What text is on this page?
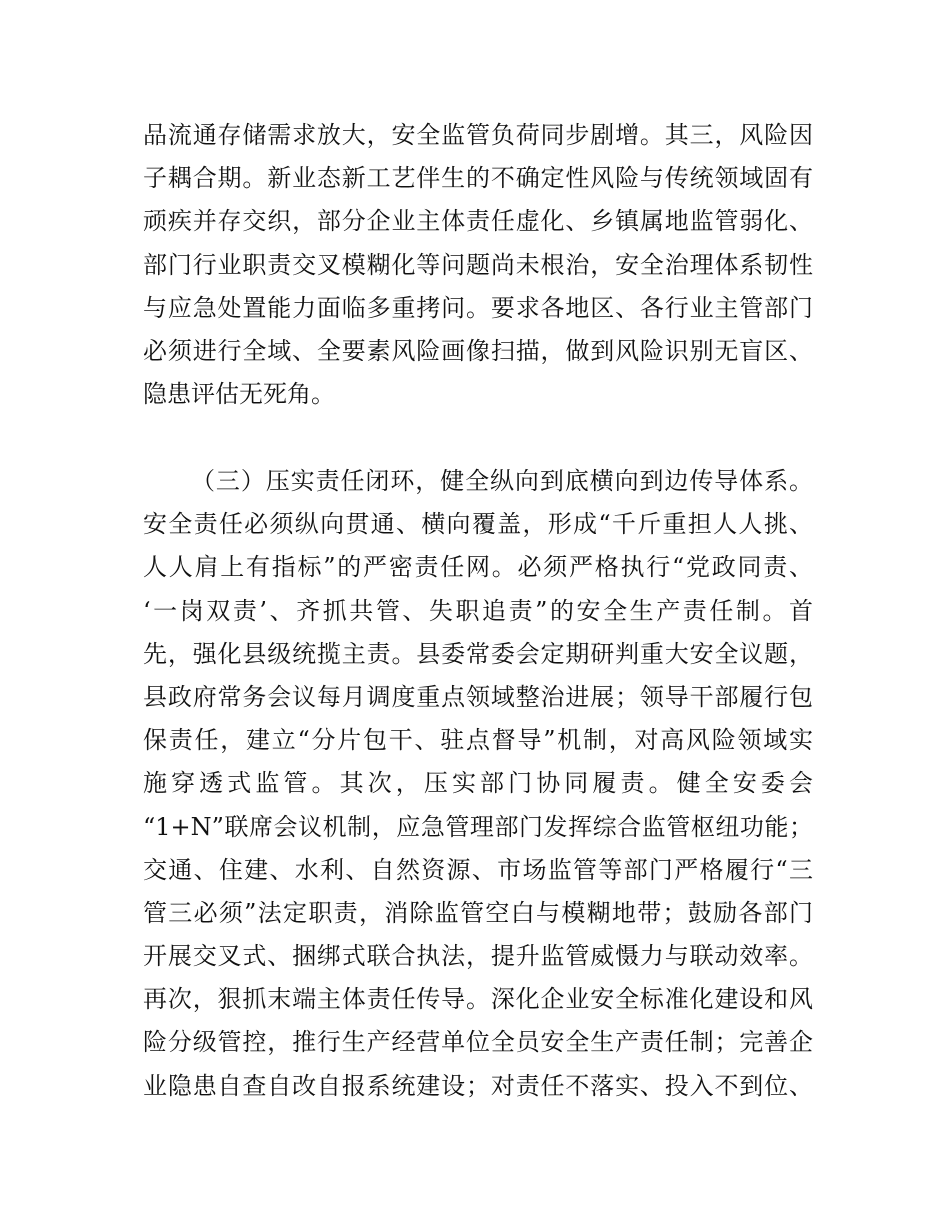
品流通存储需求放大，安全监管负荷同步剧增。其三，风险因
子耦合期。新业态新工艺伴生的不确定性风险与传统领域固有
顽疾并存交织，部分企业主体责任虚化、乡镇属地监管弱化、
部门行业职责交叉模糊化等问题尚未根治，安全治理体系韧性
与应急处置能力面临多重拷问。要求各地区、各行业主管部门
必须进行全域、全要素风险画像扫描，做到风险识别无盲区、
隐患评估无死角。
（三）压实责任闭环，健全纵向到底横向到边传导体系。
安全责任必须纵向贯通、横向覆盖，形成“千斤重担人人挑、
人人肩上有指标”的严密责任网。必须严格执行“党政同责、
‘一岗双责’、齐抓共管、失职追责”的安全生产责任制。首
先，强化县级统揽主责。县委常委会定期研判重大安全议题，
县政府常务会议每月调度重点领域整治进展；领导干部履行包
保责任，建立“分片包干、驻点督导”机制，对高风险领域实
施穿透式监管。其次，压实部门协同履责。健全安委会
“1+N”联席会议机制，应急管理部门发挥综合监管枢纽功能；
交通、住建、水利、自然资源、市场监管等部门严格履行“三
管三必须”法定职责，消除监管空白与模糊地带；鼓励各部门
开展交叉式、捆绑式联合执法，提升监管威慑力与联动效率。
再次，狠抓末端主体责任传导。深化企业安全标准化建设和风
险分级管控，推行生产经营单位全员安全生产责任制；完善企
业隐患自查自改自报系统建设；对责任不落实、投入不到位、
